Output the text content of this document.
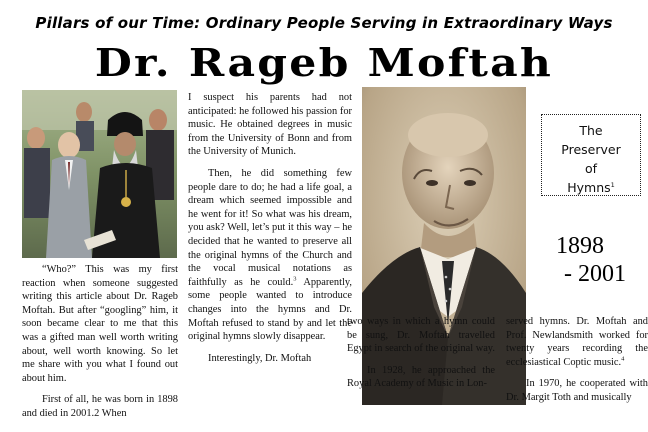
Pillars of our Time: Ordinary People Serving in Extraordinary Ways
Dr. Rageb Moftah

“Who?” This was my first reaction when someone suggested writing this article about Dr. Rageb Moftah. But after “googling” him, it soon became clear to me that this was a gifted man well worth writing about, well worth knowing. So let me share with you what I found out about him.

First of all, he was born in 1898 and died in 2001.2 When

I suspect his parents had not anticipated: he followed his passion for music. He obtained degrees in music from the University of Bonn and from the University of Munich.

Then, he did something few people dare to do; he had a life goal, a dream which seemed impossible and he went for it! So what was his dream, you ask? Well, let’s put it this way – he decided that he wanted to preserve all the original hymns of the Church and the vocal musical notations as faithfully as he could.$^3$ Apparently, some people wanted to introduce changes into the hymns and Dr. Moftah refused to stand by and let the original hymns slowly disappear.

Interestingly, Dr. Moftah

two ways in which a hymn could be sung, Dr. Moftah travelled Egypt in search of the original way.

In 1928, he approached the Royal Academy of Music in Lon-

served hymns. Dr. Moftah and Prof. Newlandsmith worked for twenty years recording the ecclesiastical Coptic music.$^4$

In 1970, he cooperated with Dr. Margit Toth and musically

The
Preserver
of
Hymns$^1$
1898
- 2001
